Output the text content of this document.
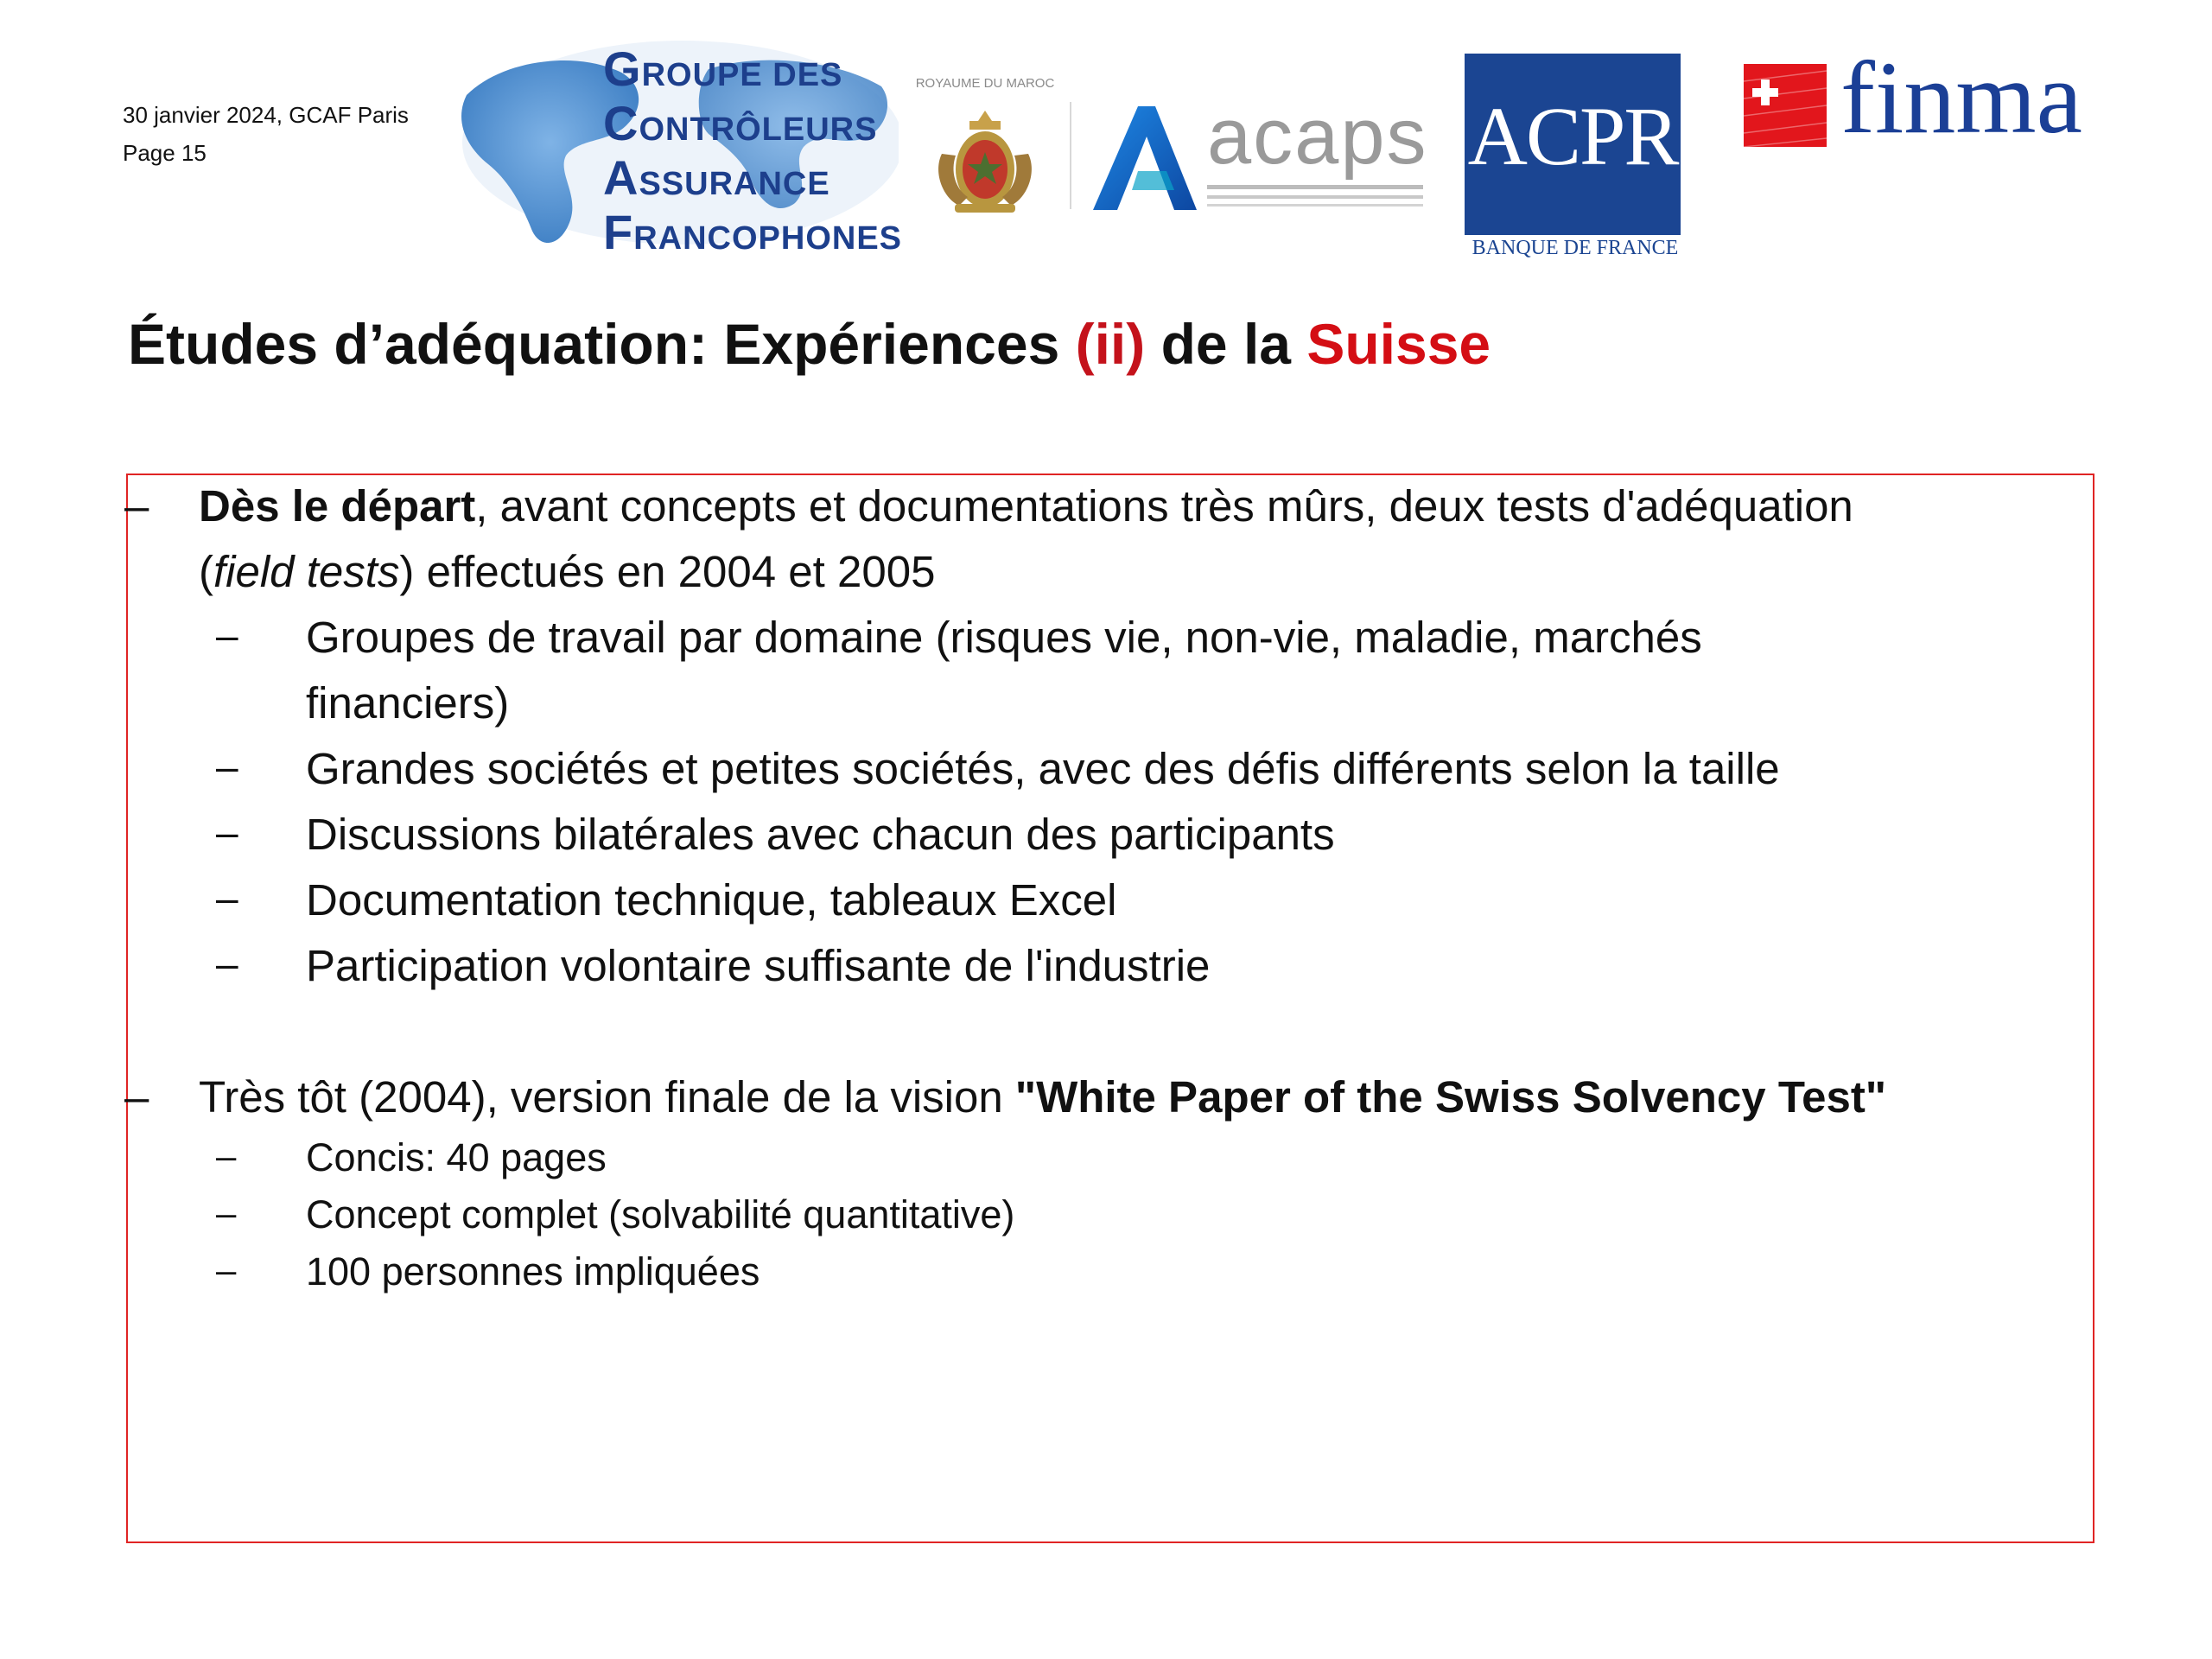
30 janvier 2024, GCAF Paris
Page 15
GROUPE DES
CONTRÔLEURS
ASSURANCE
FRANCOPHONES
ROYAUME DU MAROC
acaps ACPR
BANQUE DE FRANCE
finma
Études d’adéquation: Expériences (ii) de la Suisse
– Dès le départ, avant concepts et documentations très mûrs, deux tests d'adéquation
(field tests) effectués en 2004 et 2005
– Groupes de travail par domaine (risques vie, non-vie, maladie, marchés
financiers)
– Grandes sociétés et petites sociétés, avec des défis différents selon la taille
– Discussions bilatérales avec chacun des participants
– Documentation technique, tableaux Excel
– Participation volontaire suffisante de l'industrie
– Très tôt (2004), version finale de la vision "White Paper of the Swiss Solvency Test"
– Concis: 40 pages
– Concept complet (solvabilité quantitative)
– 100 personnes impliquées
